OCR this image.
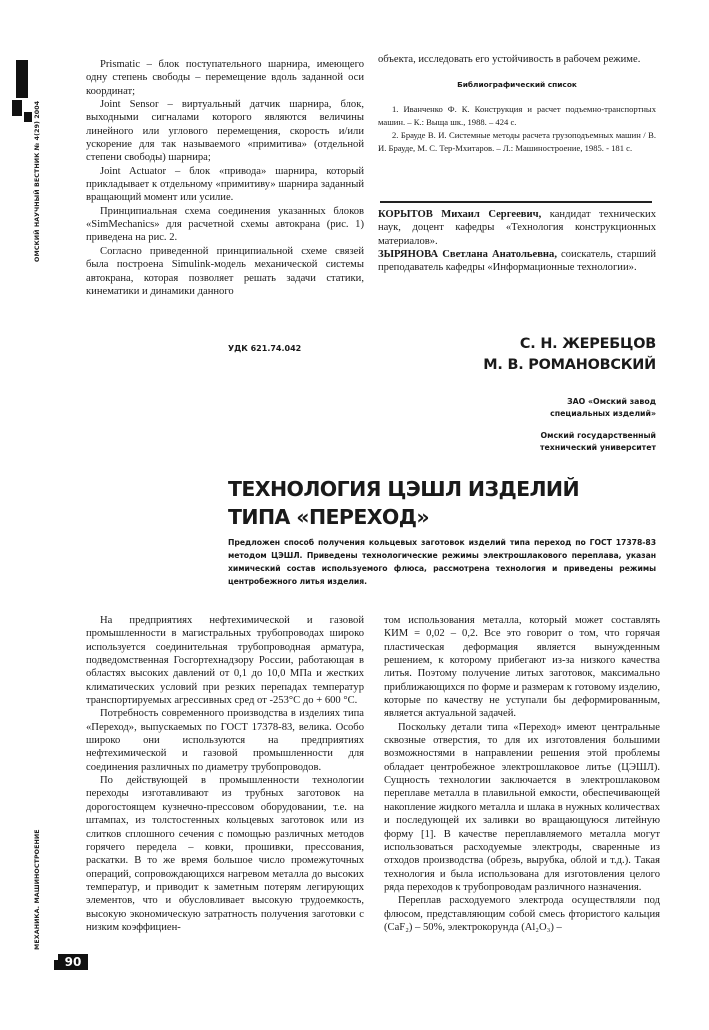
ОМСКИЙ НАУЧНЫЙ ВЕСТНИК № 4(29) 2004
МЕХАНИКА. МАШИНОСТРОЕНИЕ
90

Prismatic – блок поступательного шарнира, имеющего одну степень свободы – перемещение вдоль заданной оси координат;

Joint Sensor – виртуальный датчик шарнира, блок, выходными сигналами которого являются величины линейного или углового перемещения, скорость и/или ускорение для так называемого «примитива» (отдельной степени свободы) шарнира;

Joint Actuator – блок «привода» шарнира, который прикладывает к отдельному «примитиву» шарнира заданный вращающий момент или усилие.

Принципиальная схема соединения указанных блоков «SimMechanics» для расчетной схемы автокрана (рис. 1) приведена на рис. 2.

Согласно приведенной принципиальной схеме связей была построена Simulink-модель механической системы автокрана, которая позволяет решать задачи статики, кинематики и динамики данного

объекта, исследовать его устойчивость в рабочем режиме.

Библиографический список

1. Иванченко Ф. К. Конструкция и расчет подъемно-транспортных машин. – К.: Выща шк., 1988. – 424 с.

2. Брауде В. И. Системные методы расчета грузоподъемных машин / В. И. Брауде, М. С. Тер-Мхитаров. – Л.: Машиностроение, 1985. - 181 с.

КОРЫТОВ Михаил Сергеевич, кандидат технических наук, доцент кафедры «Технология конструкционных материалов».

ЗЫРЯНОВА Светлана Анатольевна, соискатель, старший преподаватель кафедры «Информационные технологии».

УДК 621.74.042	С. Н. ЖЕРЕБЦОВ
М. В. РОМАНОВСКИЙ
ЗАО «Омский завод
специальных изделий»
Омский государственный
технический университет
ТЕХНОЛОГИЯ ЦЭШЛ ИЗДЕЛИЙ
ТИПА «ПЕРЕХОД»
Предложен способ получения кольцевых заготовок изделий типа переход по ГОСТ 17378-83 методом ЦЭШЛ. Приведены технологические режимы электрошлакового переплава, указан химический состав используемого флюса, рассмотрена технология и приведены режимы центробежного литья изделия.

На предприятиях нефтехимической и газовой промышленности в магистральных трубопроводах широко используется соединительная трубопроводная арматура, подведомственная Госгортехнадзору России, работающая в областях высоких давлений от 0,1 до 10,0 МПа и жестких климатических условий при резких перепадах температур транспортируемых агрессивных сред от -253°С до + 600 °С.

Потребность современного производства в изделиях типа «Переход», выпускаемых по ГОСТ 17378-83, велика. Особо широко они используются на предприятиях нефтехимической и газовой промышленности для соединения различных по диаметру трубопроводов.

По действующей в промышленности технологии переходы изготавливают из трубных заготовок на дорогостоящем кузнечно-прессовом оборудовании, т.е. на штампах, из толстостенных кольцевых заготовок или из слитков сплошного сечения с помощью различных методов горячего передела – ковки, прошивки, прессования, раскатки. В то же время большое число промежуточных операций, сопровождающихся нагревом металла до высоких температур, и приводит к заметным потерям легирующих элементов, что и обусловливает высокую трудоемкость, высокую экономическую затратность получения заготовки с низким коэффициен-

том использования металла, который может составлять КИМ = 0,02 – 0,2. Все это говорит о том, что горячая пластическая деформация является вынужденным решением, к которому прибегают из-за низкого качества литья. Поэтому получение литых заготовок, максимально приближающихся по форме и размерам к готовому изделию, которые по качеству не уступали бы деформированным, является актуальной задачей.

Поскольку детали типа «Переход» имеют центральные сквозные отверстия, то для их изготовления большими возможностями в направлении решения этой проблемы обладает центробежное электрошлаковое литье (ЦЭШЛ). Сущность технологии заключается в электрошлаковом переплаве металла в плавильной емкости, обеспечивающей накопление жидкого металла и шлака в нужных количествах и последующей их заливки во вращающуюся литейную форму [1]. В качестве переплавляемого металла могут использоваться расходуемые электроды, сваренные из отходов производства (обрезь, вырубка, облой и т.д.). Такая технология и была использована для изготовления целого ряда переходов к трубопроводам различного назначения.

Переплав расходуемого электрода осуществляли под флюсом, представляющим собой смесь фтористого кальция (CaF₂) – 50%, электрокорунда (Al₂O₃) –
